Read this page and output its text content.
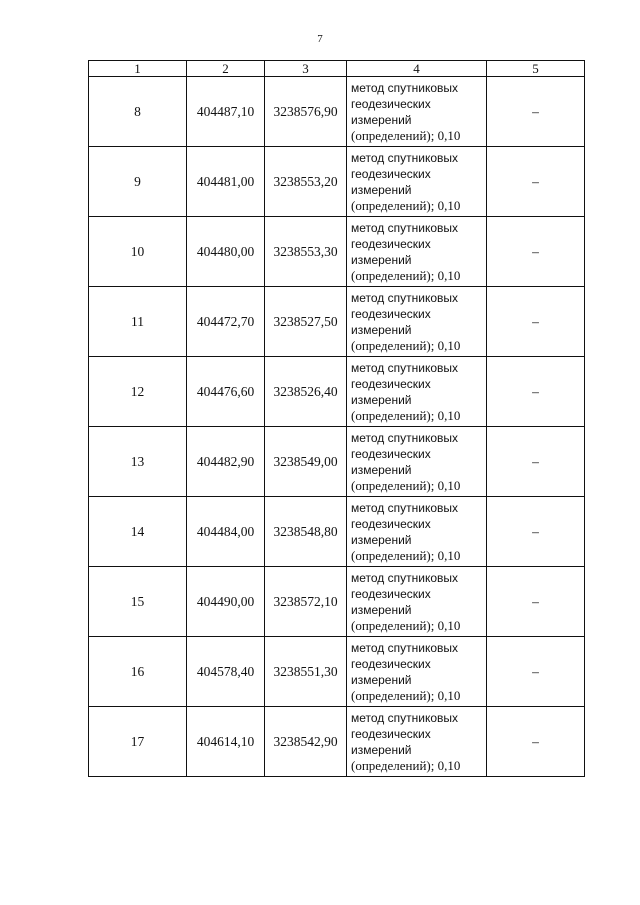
7
1	2	3	4	5
8	404487,10	3238576,90	метод спутниковых
геодезических
измерений
(определений); 0,10	–
9	404481,00	3238553,20	метод спутниковых
геодезических
измерений
(определений); 0,10	–
10	404480,00	3238553,30	метод спутниковых
геодезических
измерений
(определений); 0,10	–
11	404472,70	3238527,50	метод спутниковых
геодезических
измерений
(определений); 0,10	–
12	404476,60	3238526,40	метод спутниковых
геодезических
измерений
(определений); 0,10	–
13	404482,90	3238549,00	метод спутниковых
геодезических
измерений
(определений); 0,10	–
14	404484,00	3238548,80	метод спутниковых
геодезических
измерений
(определений); 0,10	–
15	404490,00	3238572,10	метод спутниковых
геодезических
измерений
(определений); 0,10	–
16	404578,40	3238551,30	метод спутниковых
геодезических
измерений
(определений); 0,10	–
17	404614,10	3238542,90	метод спутниковых
геодезических
измерений
(определений); 0,10	–
